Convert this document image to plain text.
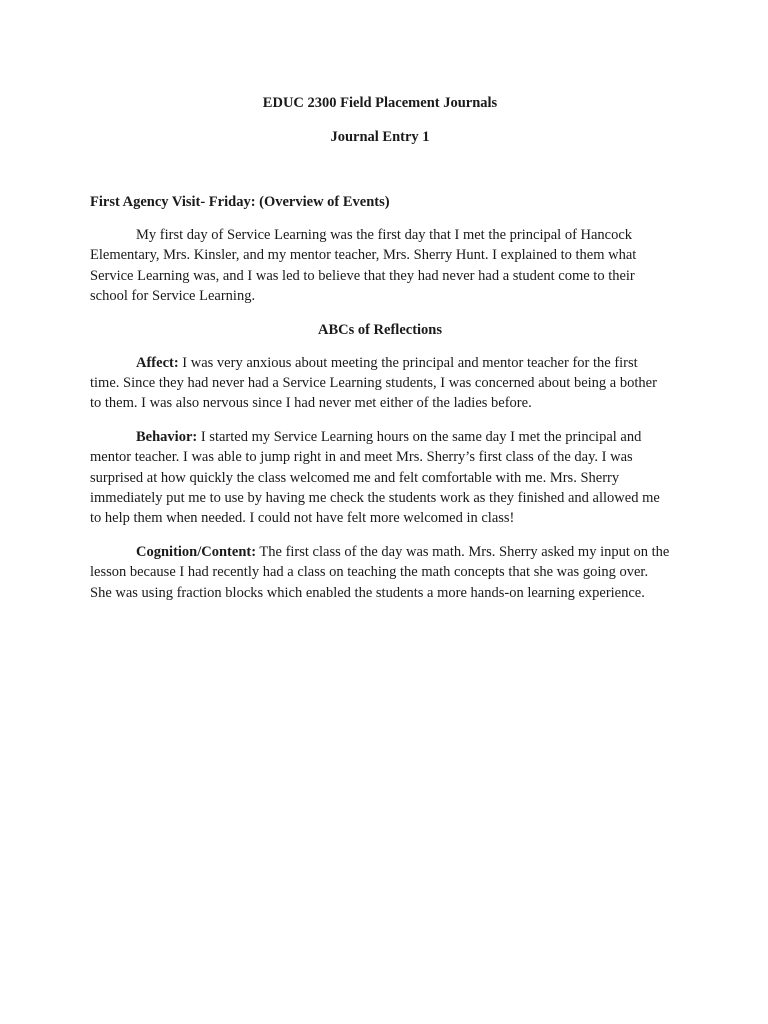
EDUC 2300 Field Placement Journals

Journal Entry 1

First Agency Visit- Friday: (Overview of Events)

My first day of Service Learning was the first day that I met the principal of Hancock Elementary, Mrs. Kinsler, and my mentor teacher, Mrs. Sherry Hunt. I explained to them what Service Learning was, and I was led to believe that they had never had a student come to their school for Service Learning.

ABCs of Reflections

Affect: I was very anxious about meeting the principal and mentor teacher for the first time. Since they had never had a Service Learning students, I was concerned about being a bother to them. I was also nervous since I had never met either of the ladies before.

Behavior: I started my Service Learning hours on the same day I met the principal and mentor teacher. I was able to jump right in and meet Mrs. Sherry’s first class of the day. I was surprised at how quickly the class welcomed me and felt comfortable with me. Mrs. Sherry immediately put me to use by having me check the students work as they finished and allowed me to help them when needed. I could not have felt more welcomed in class!

Cognition/Content: The first class of the day was math. Mrs. Sherry asked my input on the lesson because I had recently had a class on teaching the math concepts that she was going over. She was using fraction blocks which enabled the students a more hands-on learning experience.
